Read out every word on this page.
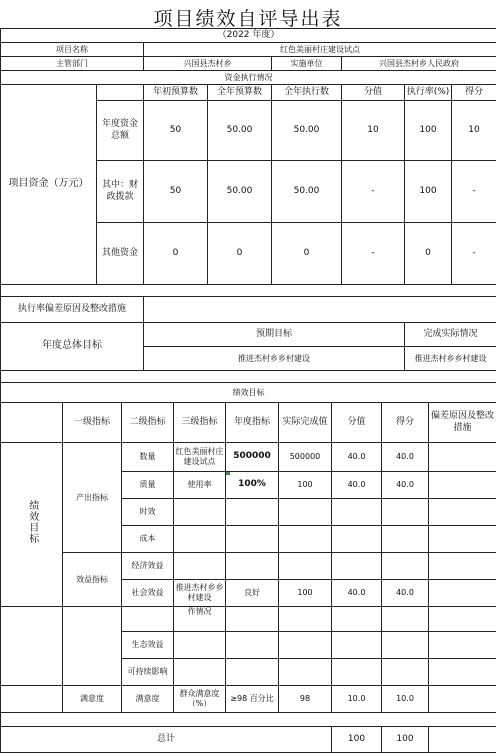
项目绩效自评导出表
（2022 年度）							
项目名称		红色美丽村庄建设试点					
主管部门		兴国县杰村乡		实施单位	兴国县杰村乡人民政府		
资金执行情况							
项目资金（万元）		年初预算数	全年预算数	全年执行数	分值	执行率(%)	得分
	年度资金总额	50	50.00	50.00	10	100	10
	其中：财政拨款	50	50.00	50.00	-	100	-
	其他资金	0	0	0	-	0	-

执行率偏差原因及整改措施							
年度总体目标		预期目标				完成实际情况	
		推进杰村乡乡村建设				推进杰村乡乡村建设	

绩效目标								
	一级指标	二级指标	三级指标	年度指标	实际完成值	分值	得分	偏差原因及整改措施
绩效目标	产出指标	数量	红色美丽村庄建设试点	500000	500000	40.0	40.0	
		质量	使用率	100%	100	40.0	40.0	
		时效						
		成本						
	效益指标	经济效益						
		社会效益	推进杰村乡乡村建设	良好	100	40.0	40.0	
			作情况					
		生态效益						
		可持续影响						
	满意度	满意度	群众满意度（%）	≥98 百分比	98	10.0	10.0	

总计						100	100	
